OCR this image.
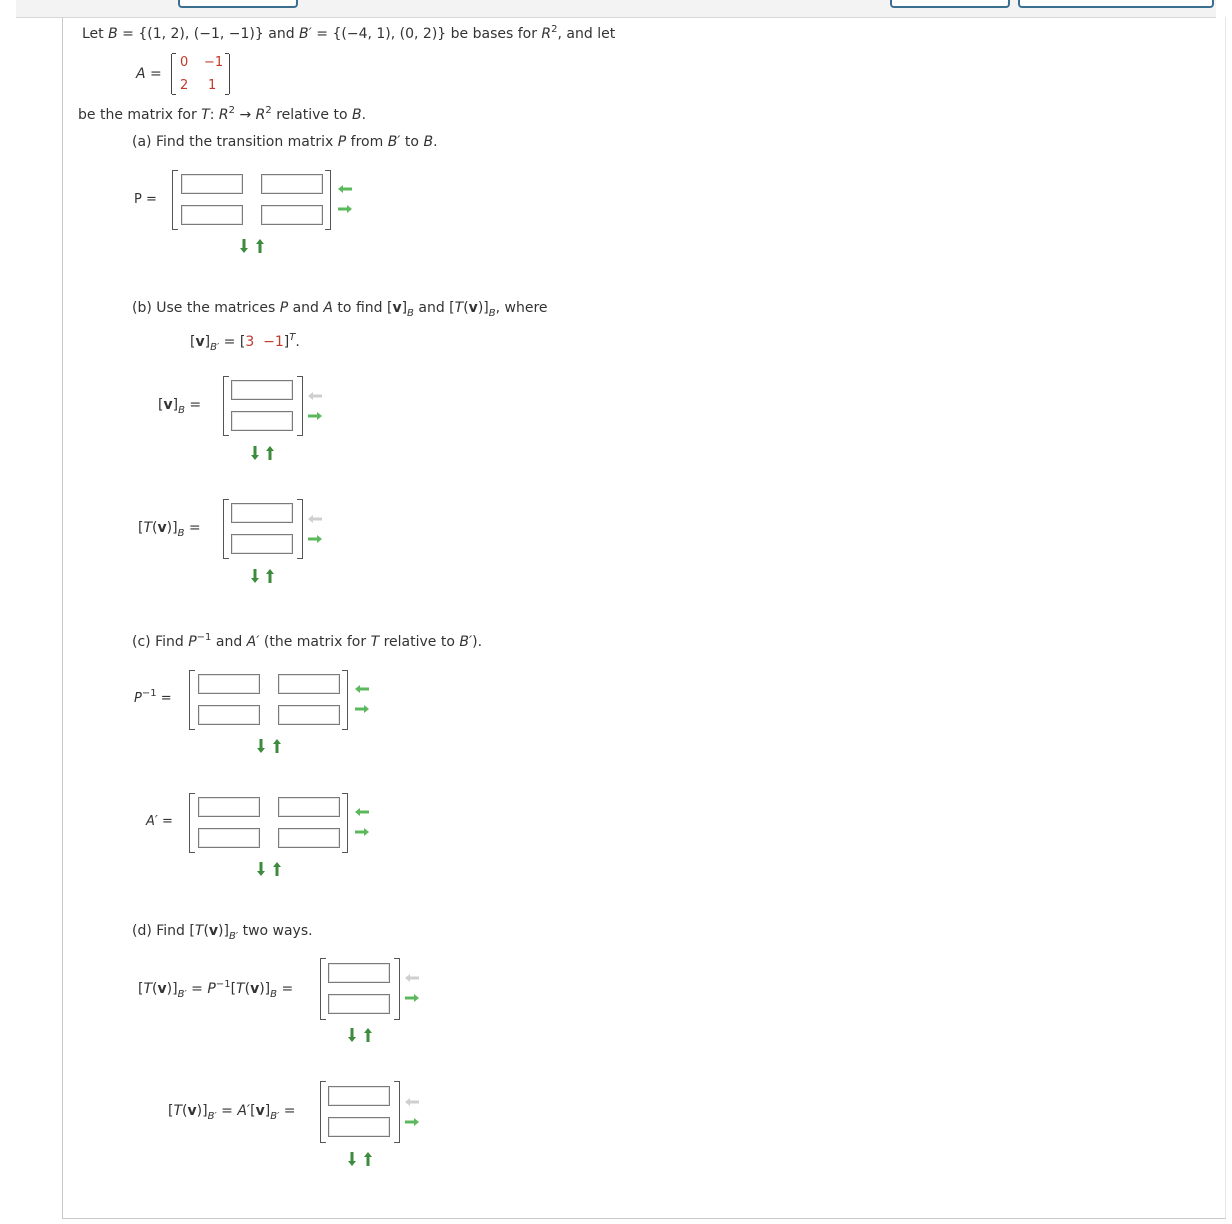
Let B = {(1, 2), (−1, −1)} and B′ = {(−4, 1), (0, 2)} be bases for $R^2$, and let
A =
0 −1
2 1
be the matrix for T: $R^2 \to R^2$ relative to B.
(a) Find the transition matrix P from B′ to B.
P =
(b) Use the matrices P and A to find $[v]_B$ and $[T(v)]_B$, where
$[v]_{B'} = [3 -1]^T$.
$[v]_B$ =
$[T(v)]_B$ =
(c) Find $P^{-1}$ and A′ (the matrix for T relative to B′).
$P^{-1}$ =
A′ =
(d) Find $[T(v)]_{B'}$ two ways.
$[T(v)]_{B'} = P^{-1}[T(v)]_B$ =
$[T(v)]_{B'} = A'[v]_{B'}$ =
